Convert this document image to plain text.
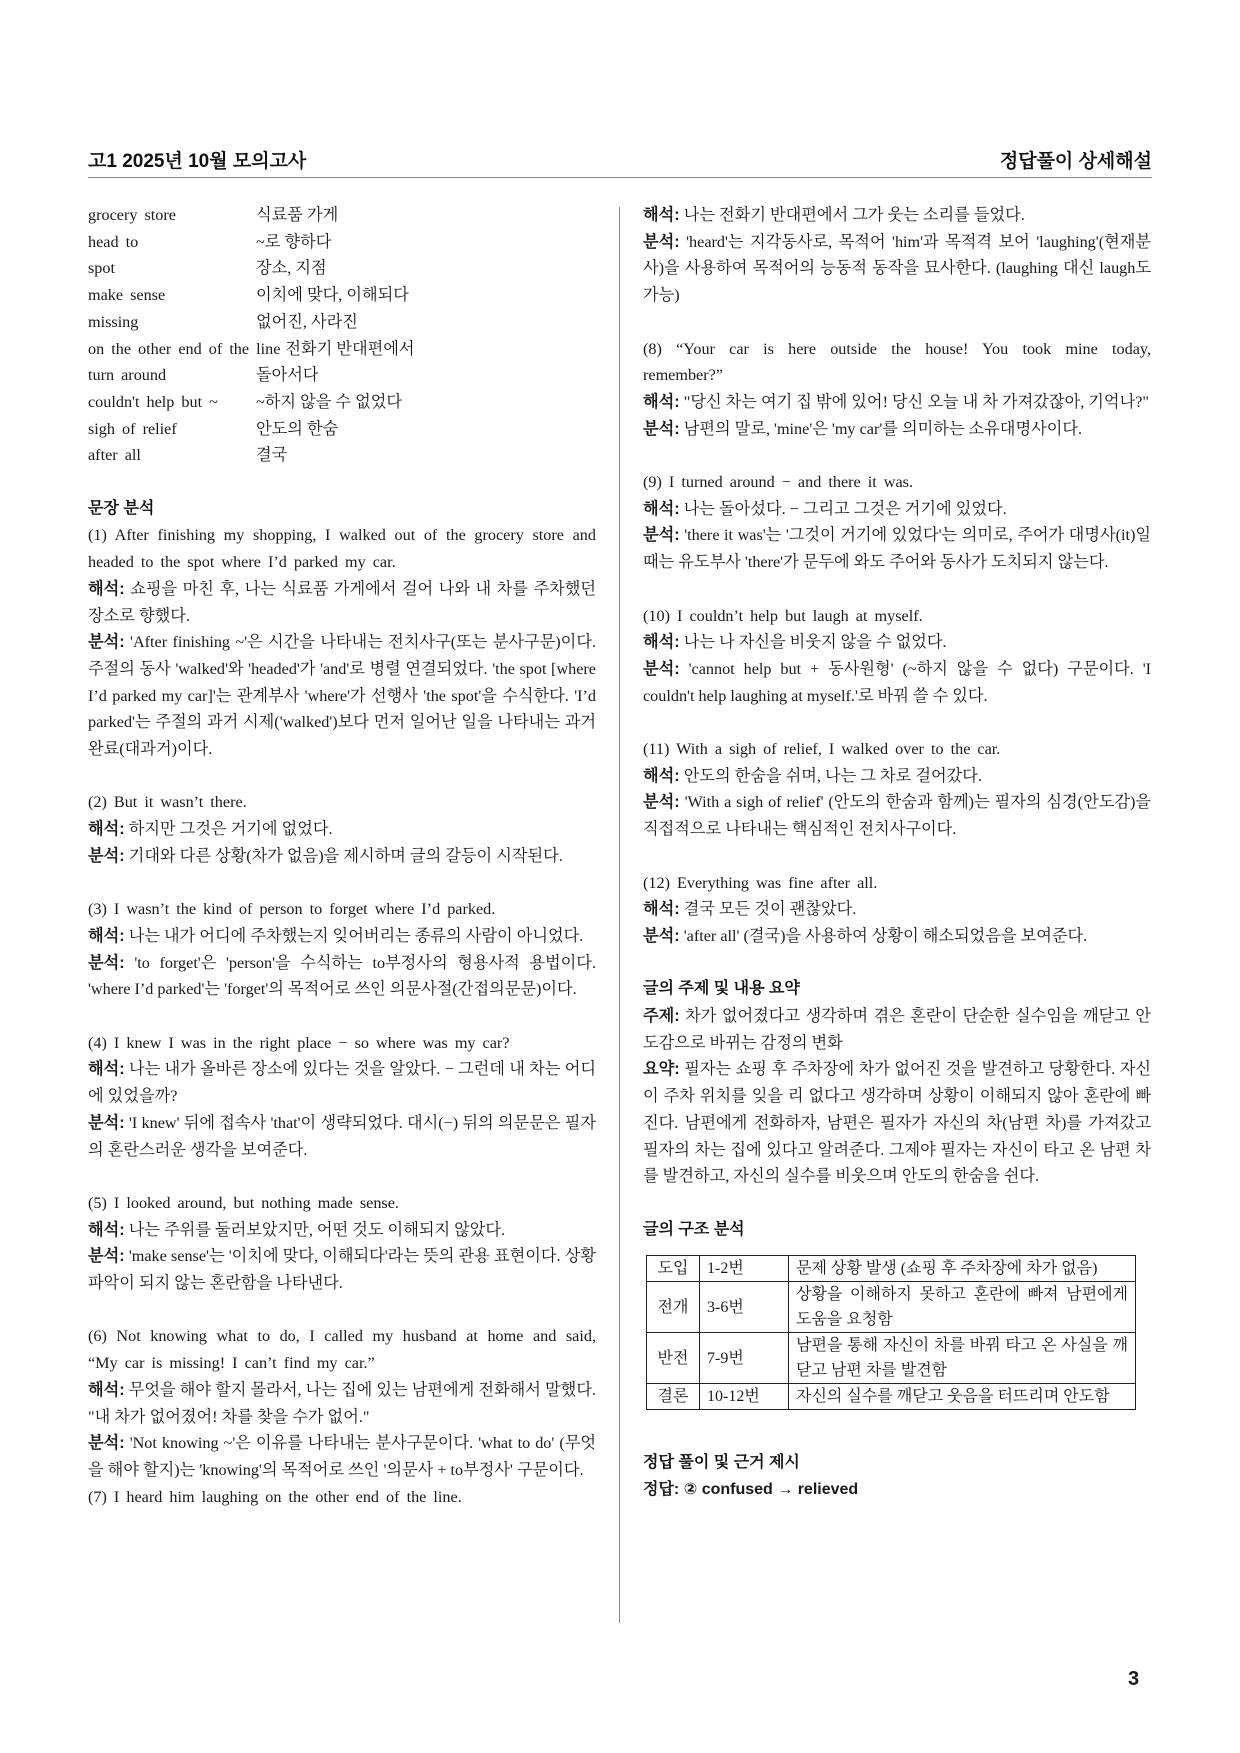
고1 2025년 10월 모의고사	정답풀이 상세해설
grocery store	식료품 가게
head to	~로 향하다
spot	장소, 지점
make sense	이치에 맞다, 이해되다
missing	없어진, 사라진
on the other end of the line 전화기 반대편에서
turn around	돌아서다
couldn't help but ~	~하지 않을 수 없었다
sigh of relief	안도의 한숨
after all	결국
문장 분석

(1) After finishing my shopping, I walked out of the grocery store and headed to the spot where I’d parked my car.

해석: 쇼핑을 마친 후, 나는 식료품 가게에서 걸어 나와 내 차를 주차했던 장소로 향했다.

분석: 'After finishing ~'은 시간을 나타내는 전치사구(또는 분사구문)이다. 주절의 동사 'walked'와 'headed'가 'and'로 병렬 연결되었다. 'the spot [where I’d parked my car]'는 관계부사 'where'가 선행사 'the spot'을 수식한다. 'I’d parked'는 주절의 과거 시제('walked')보다 먼저 일어난 일을 나타내는 과거완료(대과거)이다.

(2) But it wasn’t there.

해석: 하지만 그것은 거기에 없었다.

분석: 기대와 다른 상황(차가 없음)을 제시하며 글의 갈등이 시작된다.

(3) I wasn’t the kind of person to forget where I’d parked.

해석: 나는 내가 어디에 주차했는지 잊어버리는 종류의 사람이 아니었다.

분석: 'to forget'은 'person'을 수식하는 to부정사의 형용사적 용법이다. 'where I’d parked'는 'forget'의 목적어로 쓰인 의문사절(간접의문문)이다.

(4) I knew I was in the right place − so where was my car?

해석: 나는 내가 올바른 장소에 있다는 것을 알았다. − 그런데 내 차는 어디에 있었을까?

분석: 'I knew' 뒤에 접속사 'that'이 생략되었다. 대시(−) 뒤의 의문문은 필자의 혼란스러운 생각을 보여준다.

(5) I looked around, but nothing made sense.

해석: 나는 주위를 둘러보았지만, 어떤 것도 이해되지 않았다.

분석: 'make sense'는 '이치에 맞다, 이해되다'라는 뜻의 관용 표현이다. 상황 파악이 되지 않는 혼란함을 나타낸다.

(6) Not knowing what to do, I called my husband at home and said, “My car is missing! I can’t find my car.”

해석: 무엇을 해야 할지 몰라서, 나는 집에 있는 남편에게 전화해서 말했다. "내 차가 없어졌어! 차를 찾을 수가 없어."

분석: 'Not knowing ~'은 이유를 나타내는 분사구문이다. 'what to do' (무엇을 해야 할지)는 'knowing'의 목적어로 쓰인 '의문사 + to부정사' 구문이다.

(7) I heard him laughing on the other end of the line.

해석: 나는 전화기 반대편에서 그가 웃는 소리를 들었다.

분석: 'heard'는 지각동사로, 목적어 'him'과 목적격 보어 'laughing'(현재분사)을 사용하여 목적어의 능동적 동작을 묘사한다. (laughing 대신 laugh도 가능)

(8) “Your car is here outside the house! You took mine today, remember?”

해석: "당신 차는 여기 집 밖에 있어! 당신 오늘 내 차 가져갔잖아, 기억나?"

분석: 남편의 말로, 'mine'은 'my car'를 의미하는 소유대명사이다.

(9) I turned around − and there it was.

해석: 나는 돌아섰다. − 그리고 그것은 거기에 있었다.

분석: 'there it was'는 '그것이 거기에 있었다'는 의미로, 주어가 대명사(it)일 때는 유도부사 'there'가 문두에 와도 주어와 동사가 도치되지 않는다.

(10) I couldn’t help but laugh at myself.

해석: 나는 나 자신을 비웃지 않을 수 없었다.

분석: 'cannot help but + 동사원형' (~하지 않을 수 없다) 구문이다. 'I couldn't help laughing at myself.'로 바꿔 쓸 수 있다.

(11) With a sigh of relief, I walked over to the car.

해석: 안도의 한숨을 쉬며, 나는 그 차로 걸어갔다.

분석: 'With a sigh of relief' (안도의 한숨과 함께)는 필자의 심경(안도감)을 직접적으로 나타내는 핵심적인 전치사구이다.

(12) Everything was fine after all.

해석: 결국 모든 것이 괜찮았다.

분석: 'after all' (결국)을 사용하여 상황이 해소되었음을 보여준다.

글의 주제 및 내용 요약

주제: 차가 없어졌다고 생각하며 겪은 혼란이 단순한 실수임을 깨닫고 안도감으로 바뀌는 감정의 변화

요약: 필자는 쇼핑 후 주차장에 차가 없어진 것을 발견하고 당황한다. 자신이 주차 위치를 잊을 리 없다고 생각하며 상황이 이해되지 않아 혼란에 빠진다. 남편에게 전화하자, 남편은 필자가 자신의 차(남편 차)를 가져갔고 필자의 차는 집에 있다고 알려준다. 그제야 필자는 자신이 타고 온 남편 차를 발견하고, 자신의 실수를 비웃으며 안도의 한숨을 쉰다.

글의 구조 분석
도입	1-2번	문제 상황 발생 (쇼핑 후 주차장에 차가 없음)
전개	3-6번	상황을 이해하지 못하고 혼란에 빠져 남편에게 도움을 요청함
반전	7-9번	남편을 통해 자신이 차를 바꿔 타고 온 사실을 깨닫고 남편 차를 발견함
결론	10-12번	자신의 실수를 깨닫고 웃음을 터뜨리며 안도함
정답 풀이 및 근거 제시
정답: ② confused → relieved
3
